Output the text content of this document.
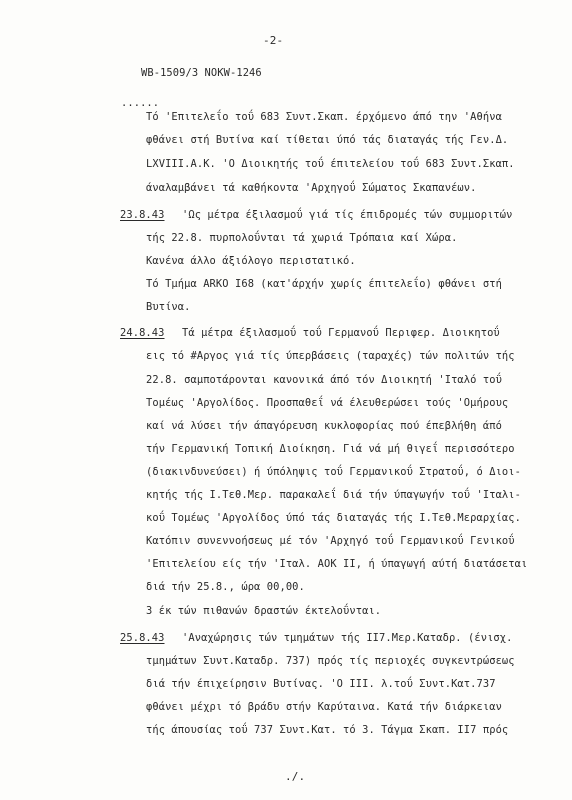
-2-
WB-1509/3 NOKW-1246
......
Τό 'Επιτελεΐο τοΰ 683 Συντ.Σκαπ. έρχόμενο άπό την 'Αθήνα
φθάνει στή Βυτίνα καί τίθεται ύπό τάς διαταγάς τής Γεν.Δ.
LXVIII.A.K. 'Ο Διοικητής τοΰ έπιτελείου τοΰ 683 Συντ.Σκαπ.
άναλαμβάνει τά καθήκοντα 'Αρχηγοΰ Σώματος Σκαπανέων.
23.8.43 'Ως μέτρα έξιλασμοΰ γιά τίς έπιδρομές τών συμμοριτών
τής 22.8. πυρπολοΰνται τά χωριά Τρόπαια καί Χώρα.
Κανένα άλλο άξιόλογο περιστατικό.
Τό Τμήμα ARKO I68 (κατ'άρχήν χωρίς έπιτελεΐο) φθάνει στή
Βυτίνα.
24.8.43 Τά μέτρα έξιλασμοΰ τοΰ Γερμανοΰ Περιφερ. Διοικητοΰ
εις τό #Αργος γιά τίς ύπερβάσεις (ταραχές) τών πολιτών τής
22.8. σαμποτάρονται κανονικά άπό τόν Διοικητή 'Ιταλό τοΰ
Τομέως 'Αργολίδος. Προσπαθεΐ νά έλευθερώσει τούς 'Ομήρους
καί νά λύσει τήν άπαγόρευση κυκλοφορίας πού έπεβλήθη άπό
τήν Γερμανική Τοπική Διοίκηση. Γιά νά μή θιγεΐ περισσότερο
(διακινδυνεύσει) ή ύπόληψις τοΰ Γερμανικοΰ Στρατοΰ, ό Διοι-
κητής τής I.Τεθ.Μερ. παρακαλεΐ διά τήν ύπαγωγήν τοΰ 'Ιταλι-
κοΰ Τομέως 'Αργολίδος ύπό τάς διαταγάς τής I.Τεθ.Μεραρχίας.
Κατόπιν συνεννοήσεως μέ τόν 'Αρχηγό τοΰ Γερμανικοΰ Γενικοΰ
'Επιτελείου είς τήν 'Ιταλ. AOK II, ή ύπαγωγή αύτή διατάσεται
διά τήν 25.8., ώρα 00,00.
3 έκ τών πιθανών δραστών έκτελοΰνται.
25.8.43 'Αναχώρησις τών τμημάτων τής II7.Μερ.Καταδρ. (ένισχ.
τμημάτων Συντ.Καταδρ. 737) πρός τίς περιοχές συγκεντρώσεως
διά τήν έπιχείρησιν Βυτίνας. 'Ο III. λ.τοΰ Συντ.Κατ.737
φθάνει μέχρι τό βράδυ στήν Καρύταινα. Κατά τήν διάρκειαν
τής άπουσίας τοΰ 737 Συντ.Κατ. τό 3. Τάγμα Σκαπ. II7 πρός
./.
